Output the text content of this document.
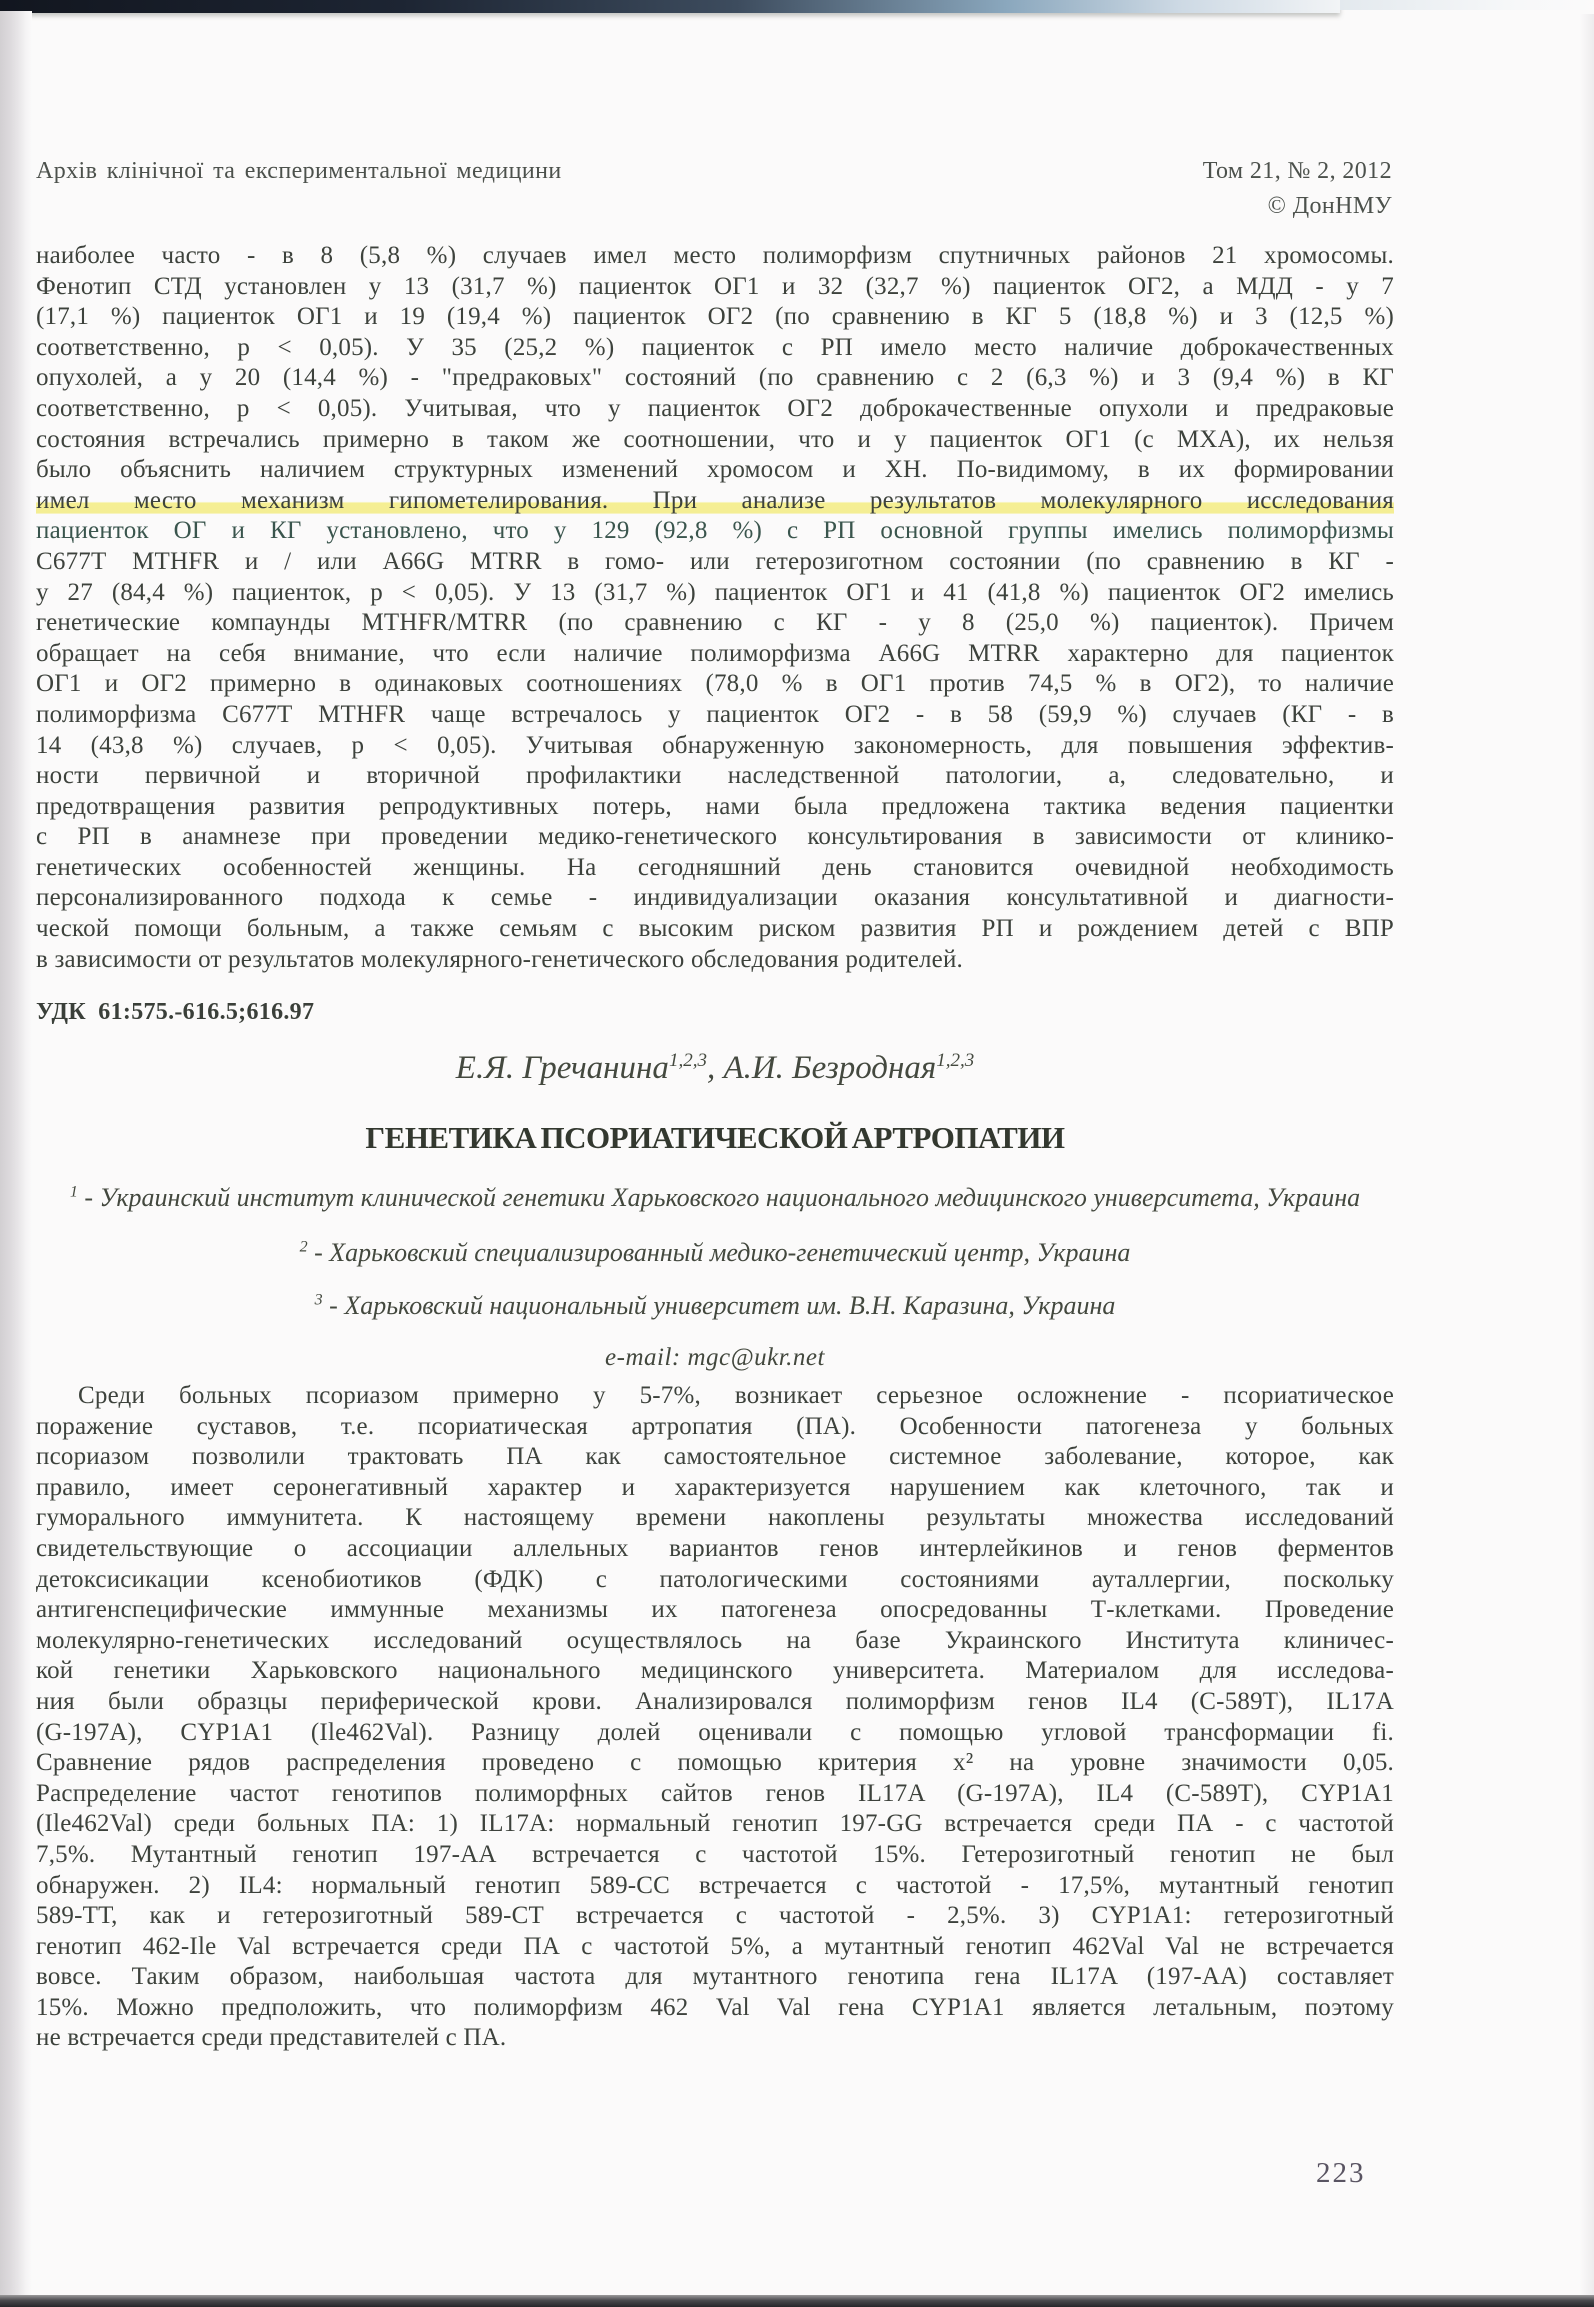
Архів клінічної та експериментальної медицини	Том 21, № 2, 2012
© ДонНМУ
наиболее часто - в 8 (5,8 %) случаев имел место полиморфизм спутничных районов 21 хромосомы.
Фенотип СТД установлен у 13 (31,7 %) пациенток ОГ1 и 32 (32,7 %) пациенток ОГ2, а МДД - у 7
(17,1 %) пациенток ОГ1 и 19 (19,4 %) пациенток ОГ2 (по сравнению в КГ 5 (18,8 %) и 3 (12,5 %)
соответственно, р < 0,05). У 35 (25,2 %) пациенток с РП имело место наличие доброкачественных
опухолей, а у 20 (14,4 %) - "предраковых" состояний (по сравнению с 2 (6,3 %) и 3 (9,4 %) в КГ
соответственно, р < 0,05). Учитывая, что у пациенток ОГ2 доброкачественные опухоли и предраковые
состояния встречались примерно в таком же соотношении, что и у пациенток ОГ1 (с МХА), их нельзя
было объяснить наличием структурных изменений хромосом и ХН. По-видимому, в их формировании
имел место механизм гипометелирования. При анализе результатов молекулярного исследования
пациенток ОГ и КГ установлено, что у 129 (92,8 %) с РП основной группы имелись полиморфизмы
С677Т MTHFR и / или A66G MTRR в гомо- или гетерозиготном состоянии (по сравнению в КГ -
у 27 (84,4 %) пациенток, р < 0,05). У 13 (31,7 %) пациенток ОГ1 и 41 (41,8 %) пациенток ОГ2 имелись
генетические компаунды MTHFR/MTRR (по сравнению с КГ - у 8 (25,0 %) пациенток). Причем
обращает на себя внимание, что если наличие полиморфизма A66G MTRR характерно для пациенток
ОГ1 и ОГ2 примерно в одинаковых соотношениях (78,0 % в ОГ1 против 74,5 % в ОГ2), то наличие
полиморфизма С677Т MTHFR чаще встречалось у пациенток ОГ2 - в 58 (59,9 %) случаев (КГ - в
14 (43,8 %) случаев, р < 0,05). Учитывая обнаруженную закономерность, для повышения эффектив-
ности первичной и вторичной профилактики наследственной патологии, а, следовательно, и
предотвращения развития репродуктивных потерь, нами была предложена тактика ведения пациентки
с РП в анамнезе при проведении медико-генетического консультирования в зависимости от клинико-
генетических особенностей женщины. На сегодняшний день становится очевидной необходимость
персонализированного подхода к семье - индивидуализации оказания консультативной и диагности-
ческой помощи больным, а также семьям с высоким риском развития РП и рождением детей с ВПР
в зависимости от результатов молекулярного-генетического обследования родителей.
УДК 61:575.-616.5;616.97
Е.Я. Гречанина$^{1,2,3}$, А.И. Безродная$^{1,2,3}$
ГЕНЕТИКА ПСОРИАТИЧЕСКОЙ АРТРОПАТИИ
$^1$ - Украинский институт клинической генетики Харьковского национального медицинского университета, Украина
$^2$ - Харьковский специализированный медико-генетический центр, Украина
$^3$ - Харьковский национальный университет им. В.Н. Каразина, Украина
e-mail: mgc@ukr.net
Среди больных псориазом примерно у 5-7%, возникает серьезное осложнение - псориатическое
поражение суставов, т.е. псориатическая артропатия (ПА). Особенности патогенеза у больных
псориазом позволили трактовать ПА как самостоятельное системное заболевание, которое, как
правило, имеет серонегативный характер и характеризуется нарушением как клеточного, так и
гуморального иммунитета. К настоящему времени накоплены результаты множества исследований
свидетельствующие о ассоциации аллельных вариантов генов интерлейкинов и генов ферментов
детоксисикации ксенобиотиков (ФДК) с патологическими состояниями ауталлергии, поскольку
антигенспецифические иммунные механизмы их патогенеза опосредованны Т-клетками. Проведение
молекулярно-генетических исследований осуществлялось на базе Украинского Института клиничес-
кой генетики Харьковского национального медицинского университета. Материалом для исследова-
ния были образцы периферической крови. Анализировался полиморфизм генов IL4 (C-589T), IL17A
(G-197A), CYP1A1 (Ile462Val). Разницу долей оценивали с помощью угловой трансформации fi.
Сравнение рядов распределения проведено с помощью критерия х² на уровне значимости 0,05.
Распределение частот генотипов полиморфных сайтов генов IL17A (G-197A), IL4 (C-589T), CYP1A1
(Ile462Val) среди больных ПА: 1) IL17A: нормальный генотип 197-GG встречается среди ПА - с частотой
7,5%. Мутантный генотип 197-АА встречается с частотой 15%. Гетерозиготный генотип не был
обнаружен. 2) IL4: нормальный генотип 589-СС встречается с частотой - 17,5%, мутантный генотип
589-ТТ, как и гетерозиготный 589-СТ встречается с частотой - 2,5%. 3) CYP1A1: гетерозиготный
генотип 462-Ile Val встречается среди ПА с частотой 5%, а мутантный генотип 462Val Val не встречается
вовсе. Таким образом, наибольшая частота для мутантного генотипа гена IL17A (197-АА) составляет
15%. Можно предположить, что полиморфизм 462 Val Val гена CYP1A1 является летальным, поэтому
не встречается среди представителей с ПА.
223
